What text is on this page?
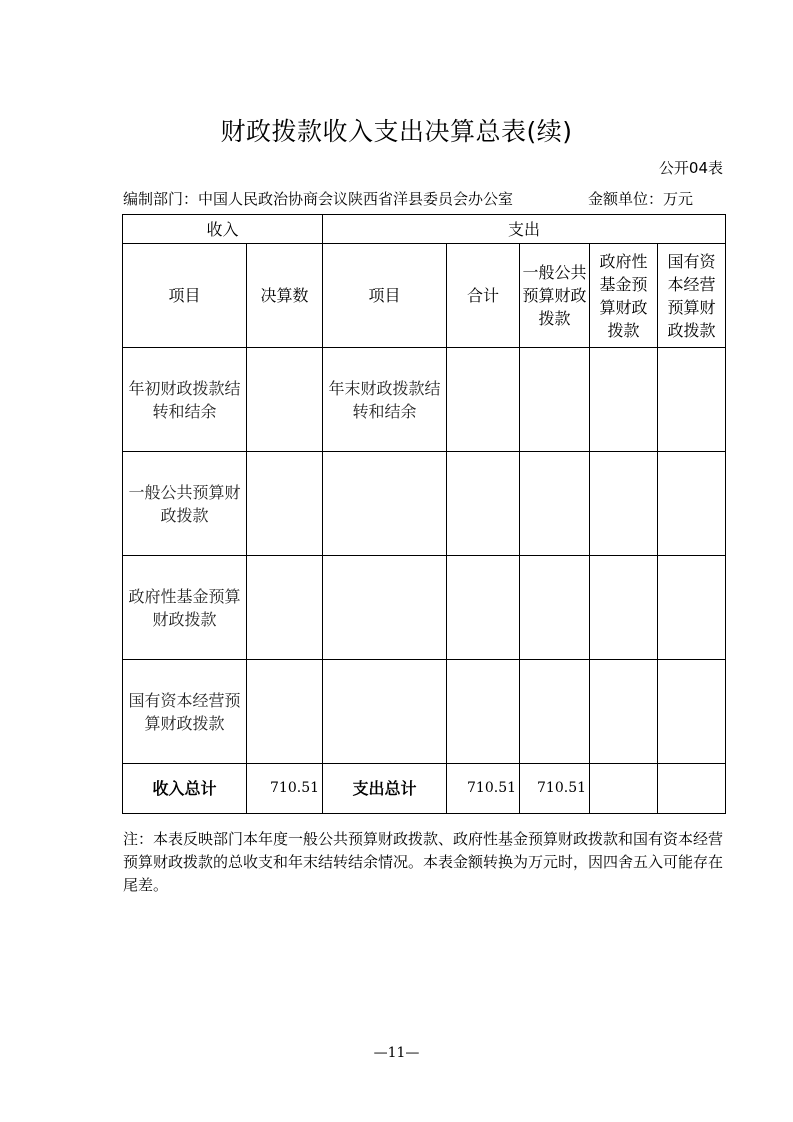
财政拨款收入支出决算总表(续)
公开04表
编制部门：中国人民政治协商会议陕西省洋县委员会办公室	金额单位：万元
收入		支出				
项目	决算数	项目	合计	一般公共预算财政拨款	政府性基金预算财政拨款	国有资本经营预算财政拨款
年初财政拨款结转和结余		年末财政拨款结转和结余				
一般公共预算财政拨款						
政府性基金预算财政拨款						
国有资本经营预算财政拨款						
收入总计	710.51	支出总计	710.51	710.51		
注：本表反映部门本年度一般公共预算财政拨款、政府性基金预算财政拨款和国有资本经营预算财政拨款的总收支和年末结转结余情况。本表金额转换为万元时，因四舍五入可能存在尾差。
—11—
